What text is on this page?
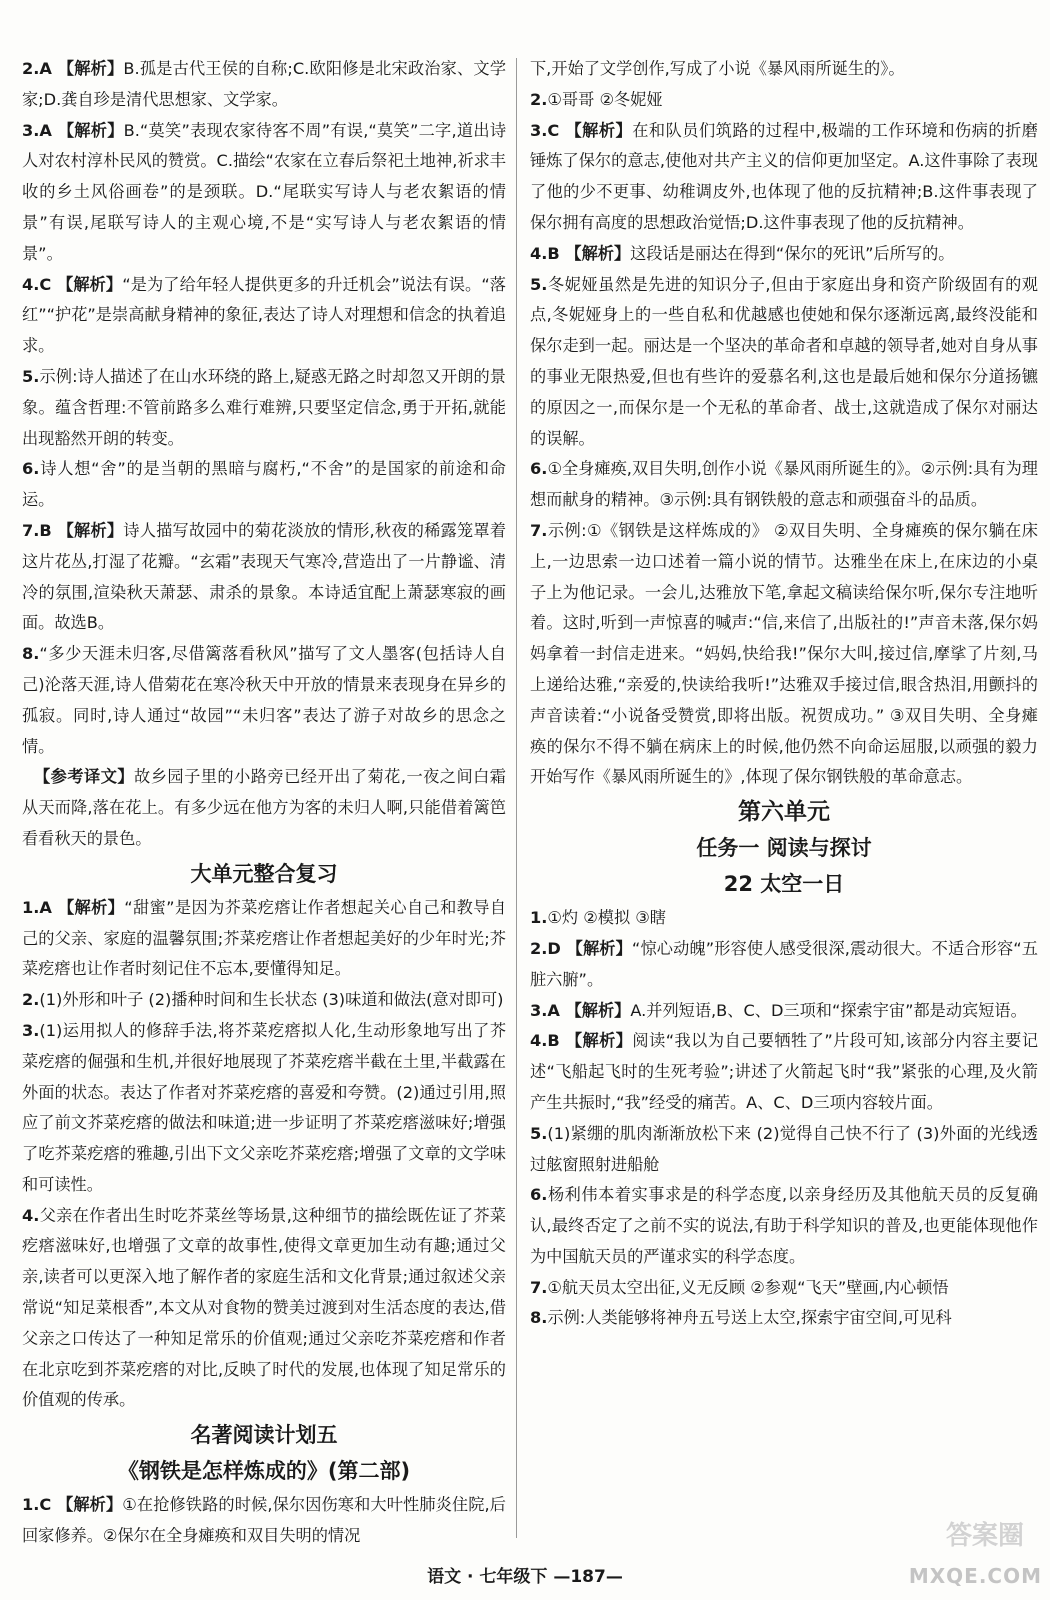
2.A 【解析】B.孤是古代王侯的自称;C.欧阳修是北宋政治家、文学家;D.龚自珍是清代思想家、文学家。

3.A 【解析】B.“莫笑”表现农家待客不周”有误,“莫笑”二字,道出诗人对农村淳朴民风的赞赏。C.描绘“农家在立春后祭祀土地神,祈求丰收的乡土风俗画卷”的是颈联。D.“尾联实写诗人与老农絮语的情景”有误,尾联写诗人的主观心境,不是“实写诗人与老农絮语的情景”。

4.C 【解析】“是为了给年轻人提供更多的升迁机会”说法有误。“落红”“护花”是崇高献身精神的象征,表达了诗人对理想和信念的执着追求。

5.示例:诗人描述了在山水环绕的路上,疑惑无路之时却忽又开朗的景象。蕴含哲理:不管前路多么难行难辨,只要坚定信念,勇于开拓,就能出现豁然开朗的转变。

6.诗人想“舍”的是当朝的黑暗与腐朽,“不舍”的是国家的前途和命运。

7.B 【解析】诗人描写故园中的菊花淡放的情形,秋夜的稀露笼罩着这片花丛,打湿了花瓣。“玄霜”表现天气寒冷,营造出了一片静谧、清冷的氛围,渲染秋天萧瑟、肃杀的景象。本诗适宜配上萧瑟寒寂的画面。故选B。

8.“多少天涯未归客,尽借篱落看秋风”描写了文人墨客(包括诗人自己)沦落天涯,诗人借菊花在寒冷秋天中开放的情景来表现身在异乡的孤寂。同时,诗人通过“故园”“未归客”表达了游子对故乡的思念之情。

【参考译文】故乡园子里的小路旁已经开出了菊花,一夜之间白霜从天而降,落在花上。有多少远在他方为客的未归人啊,只能借着篱笆看看秋天的景色。

大单元整合复习

1.A 【解析】“甜蜜”是因为芥菜疙瘩让作者想起关心自己和教导自己的父亲、家庭的温馨氛围;芥菜疙瘩让作者想起美好的少年时光;芥菜疙瘩也让作者时刻记住不忘本,要懂得知足。

2.(1)外形和叶子 (2)播种时间和生长状态 (3)味道和做法(意对即可)

3.(1)运用拟人的修辞手法,将芥菜疙瘩拟人化,生动形象地写出了芥菜疙瘩的倔强和生机,并很好地展现了芥菜疙瘩半截在土里,半截露在外面的状态。表达了作者对芥菜疙瘩的喜爱和夸赞。(2)通过引用,照应了前文芥菜疙瘩的做法和味道;进一步证明了芥菜疙瘩滋味好;增强了吃芥菜疙瘩的雅趣,引出下文父亲吃芥菜疙瘩;增强了文章的文学味和可读性。

4.父亲在作者出生时吃芥菜丝等场景,这种细节的描绘既佐证了芥菜疙瘩滋味好,也增强了文章的故事性,使得文章更加生动有趣;通过父亲,读者可以更深入地了解作者的家庭生活和文化背景;通过叙述父亲常说“知足菜根香”,本文从对食物的赞美过渡到对生活态度的表达,借父亲之口传达了一种知足常乐的价值观;通过父亲吃芥菜疙瘩和作者在北京吃到芥菜疙瘩的对比,反映了时代的发展,也体现了知足常乐的价值观的传承。

名著阅读计划五
《钢铁是怎样炼成的》(第二部)

1.C 【解析】①在抢修铁路的时候,保尔因伤寒和大叶性肺炎住院,后回家修养。②保尔在全身瘫痪和双目失明的情况

下,开始了文学创作,写成了小说《暴风雨所诞生的》。

2.①哥哥 ②冬妮娅

3.C 【解析】在和队员们筑路的过程中,极端的工作环境和伤病的折磨锤炼了保尔的意志,使他对共产主义的信仰更加坚定。A.这件事除了表现了他的少不更事、幼稚调皮外,也体现了他的反抗精神;B.这件事表现了保尔拥有高度的思想政治觉悟;D.这件事表现了他的反抗精神。

4.B 【解析】这段话是丽达在得到“保尔的死讯”后所写的。

5.冬妮娅虽然是先进的知识分子,但由于家庭出身和资产阶级固有的观点,冬妮娅身上的一些自私和优越感也使她和保尔逐渐远离,最终没能和保尔走到一起。丽达是一个坚决的革命者和卓越的领导者,她对自身从事的事业无限热爱,但也有些许的爱慕名利,这也是最后她和保尔分道扬镳的原因之一,而保尔是一个无私的革命者、战士,这就造成了保尔对丽达的误解。

6.①全身瘫痪,双目失明,创作小说《暴风雨所诞生的》。②示例:具有为理想而献身的精神。③示例:具有钢铁般的意志和顽强奋斗的品质。

7.示例:①《钢铁是这样炼成的》 ②双目失明、全身瘫痪的保尔躺在床上,一边思索一边口述着一篇小说的情节。达雅坐在床上,在床边的小桌子上为他记录。一会儿,达雅放下笔,拿起文稿读给保尔听,保尔专注地听着。这时,听到一声惊喜的喊声:“信,来信了,出版社的!”声音未落,保尔妈妈拿着一封信走进来。“妈妈,快给我!”保尔大叫,接过信,摩挲了片刻,马上递给达雅,“亲爱的,快读给我听!”达雅双手接过信,眼含热泪,用颤抖的声音读着:“小说备受赞赏,即将出版。祝贺成功。” ③双目失明、全身瘫痪的保尔不得不躺在病床上的时候,他仍然不向命运屈服,以顽强的毅力开始写作《暴风雨所诞生的》,体现了保尔钢铁般的革命意志。

第六单元
任务一 阅读与探讨
22 太空一日

1.①灼 ②模拟 ③瞎

2.D 【解析】“惊心动魄”形容使人感受很深,震动很大。不适合形容“五脏六腑”。

3.A 【解析】A.并列短语,B、C、D三项和“探索宇宙”都是动宾短语。

4.B 【解析】阅读“我以为自己要牺牲了”片段可知,该部分内容主要记述“飞船起飞时的生死考验”;讲述了火箭起飞时“我”紧张的心理,及火箭产生共振时,“我”经受的痛苦。A、C、D三项内容较片面。

5.(1)紧绷的肌肉渐渐放松下来 (2)觉得自己快不行了 (3)外面的光线透过舷窗照射进船舱

6.杨利伟本着实事求是的科学态度,以亲身经历及其他航天员的反复确认,最终否定了之前不实的说法,有助于科学知识的普及,也更能体现他作为中国航天员的严谨求实的科学态度。

7.①航天员太空出征,义无反顾 ②参观“飞天”壁画,内心顿悟

8.示例:人类能够将神舟五号送上太空,探索宇宙空间,可见科

语文 · 七年级下 —187—
答案圈
MXQE.COM
